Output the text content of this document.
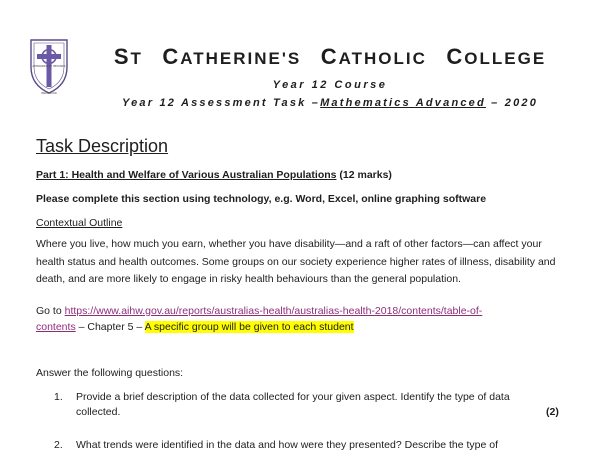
ADMIRANDA ET IMITANDA
BRAIDWOOD
ST CATHERINE'S CATHOLIC COLLEGE
Year 12 Course
Year 12 Assessment Task –Mathematics Advanced – 2020
Task Description
Part 1: Health and Welfare of Various Australian Populations (12 marks)
Please complete this section using technology, e.g. Word, Excel, online graphing software
Contextual Outline
Where you live, how much you earn, whether you have disability—and a raft of other factors—can affect your health status and health outcomes. Some groups on our society experience higher rates of illness, disability and death, and are more likely to engage in risky health behaviours than the general population.
Go to https://www.aihw.gov.au/reports/australias-health/australias-health-2018/contents/table-of-
contents – Chapter 5 – A specific group will be given to each student
Answer the following questions:
1. Provide a brief description of the data collected for your given aspect. Identify the type of data collected.	(2)
2. What trends were identified in the data and how were they presented? Describe the type of
